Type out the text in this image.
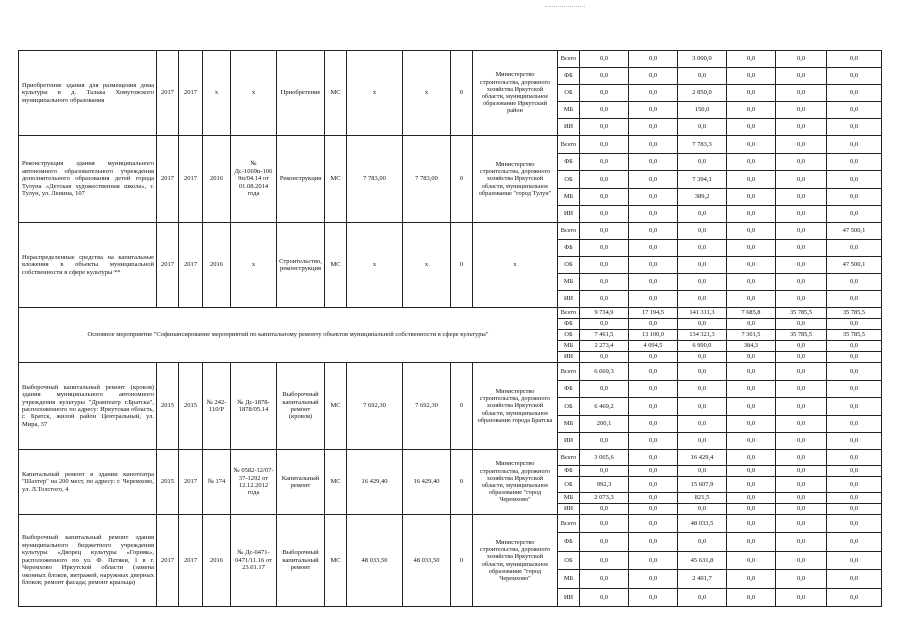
Приобретение здания для размещения дома культуры в д. Талька Хомутовского муниципального образования	2017	2017	x	x	Приобретение	МС	x	x	0	Министерство строительства, дорожного хозяйства Иркутской области, муниципальное образование Иркутский район	Всего	0,0	0,0	3 000,0	0,0	0,0	0,0
											ФБ	0,0	0,0	0,0	0,0	0,0	0,0
											ОБ	0,0	0,0	2 850,0	0,0	0,0	0,0
											МБ	0,0	0,0	150,0	0,0	0,0	0,0
											ИИ	0,0	0,0	0,0	0,0	0,0	0,0
Реконструкция здания муниципального автономного образовательного учреждения дополнительного образования детей города Тулуна «Детская художественная школа», г. Тулун, ул. Ленина, 107	2017	2017	2016	№ Дс-1069п-1069п/04.14 от 01.08.2014 года	Реконструкция	МС	7 783,00	7 783,00	0	Министерство строительства, дорожного хозяйства Иркутской области, муниципальное образование "город Тулун"	Всего	0,0	0,0	7 783,3	0,0	0,0	0,0
											ФБ	0,0	0,0	0,0	0,0	0,0	0,0
											ОБ	0,0	0,0	7 394,1	0,0	0,0	0,0
											МБ	0,0	0,0	389,2	0,0	0,0	0,0
											ИИ	0,0	0,0	0,0	0,0	0,0	0,0
Нераспределенные средства на капитальные вложения в объекты муниципальной собственности в сфере культуры **	2017	2017	2016	x	Строительство, реконструкция	МС	x	x	0	x	Всего	0,0	0,0	0,0	0,0	0,0	47 500,1
											ФБ	0,0	0,0	0,0	0,0	0,0	0,0
											ОБ	0,0	0,0	0,0	0,0	0,0	47 500,1
											МБ	0,0	0,0	0,0	0,0	0,0	0,0
											ИИ	0,0	0,0	0,0	0,0	0,0	0,0
Основное мероприятие "Софинансирование мероприятий по капитальному ремонту объектов муниципальной собственности в сфере культуры"											Всего	9 734,9	17 194,5	141 311,3	7 685,8	35 785,5	35 785,5
											ФБ	0,0	0,0	0,0	0,0	0,0	0,0
											ОБ	7 461,5	13 100,0	134 321,3	7 301,5	35 785,5	35 785,5
											МБ	2 273,4	4 094,5	6 990,0	384,3	0,0	0,0
											ИИ	0,0	0,0	0,0	0,0	0,0	0,0
Выборочный капитальный ремонт (кровля) здания муниципального автономного учреждения культуры "Драмтеатр г.Братска", расположенного по адресу: Иркутская область, г. Братск, жилой район Центральный, ул. Мира, 37	2015	2015	№ 242-110/Р	№ Дс-1878-1878/05.14	Выборочный капитальный ремонт (кровля)	МС	7 692,30	7 692,30	0	Министерство строительства, дорожного хозяйства Иркутской области, муниципальное образование города Братска	Всего	6 669,3	0,0	0,0	0,0	0,0	0,0
											ФБ	0,0	0,0	0,0	0,0	0,0	0,0
											ОБ	6 469,2	0,0	0,0	0,0	0,0	0,0
											МБ	200,1	0,0	0,0	0,0	0,0	0,0
											ИИ	0,0	0,0	0,0	0,0	0,0	0,0
Капитальный ремонт в здании кинотеатра "Шахтер" на 200 мест, по адресу: г. Черемхово, ул. Л.Толстого, 4	2015	2017	№ 174	№ 0582-12/07-37-1292 от 12.12.2012 года	Капитальный ремонт	МС	16 429,40	16 429,40	0	Министерство строительства, дорожного хозяйства Иркутской области, муниципальное образование "город Черемхово"	Всего	3 065,6	0,0	16 429,4	0,0	0,0	0,0
											ФБ	0,0	0,0	0,0	0,0	0,0	0,0
											ОБ	992,3	0,0	15 607,9	0,0	0,0	0,0
											МБ	2 073,3	0,0	821,5	0,0	0,0	0,0
											ИИ	0,0	0,0	0,0	0,0	0,0	0,0
Выборочный капитальный ремонт здания муниципального бюджетного учреждения культуры «Дворец культуры «Горняк», расположенного по ул. Ф. Петяки, 1 в г. Черемхово Иркутской области (замена оконных блоков, витражей, наружных дверных блоков; ремонт фасада; ремонт крыльца)	2017	2017	2016	№ Дс-0471-0471/11.16 от 23.01.17	Выборочный капитальный ремонт	МС	48 033,50	48 033,50	0	Министерство строительства, дорожного хозяйства Иркутской области, муниципальное образование "город Черемхово"	Всего	0,0	0,0	48 033,5	0,0	0,0	0,0
											ФБ	0,0	0,0	0,0	0,0	0,0	0,0
											ОБ	0,0	0,0	45 631,8	0,0	0,0	0,0
											МБ	0,0	0,0	2 401,7	0,0	0,0	0,0
											ИИ	0,0	0,0	0,0	0,0	0,0	0,0
